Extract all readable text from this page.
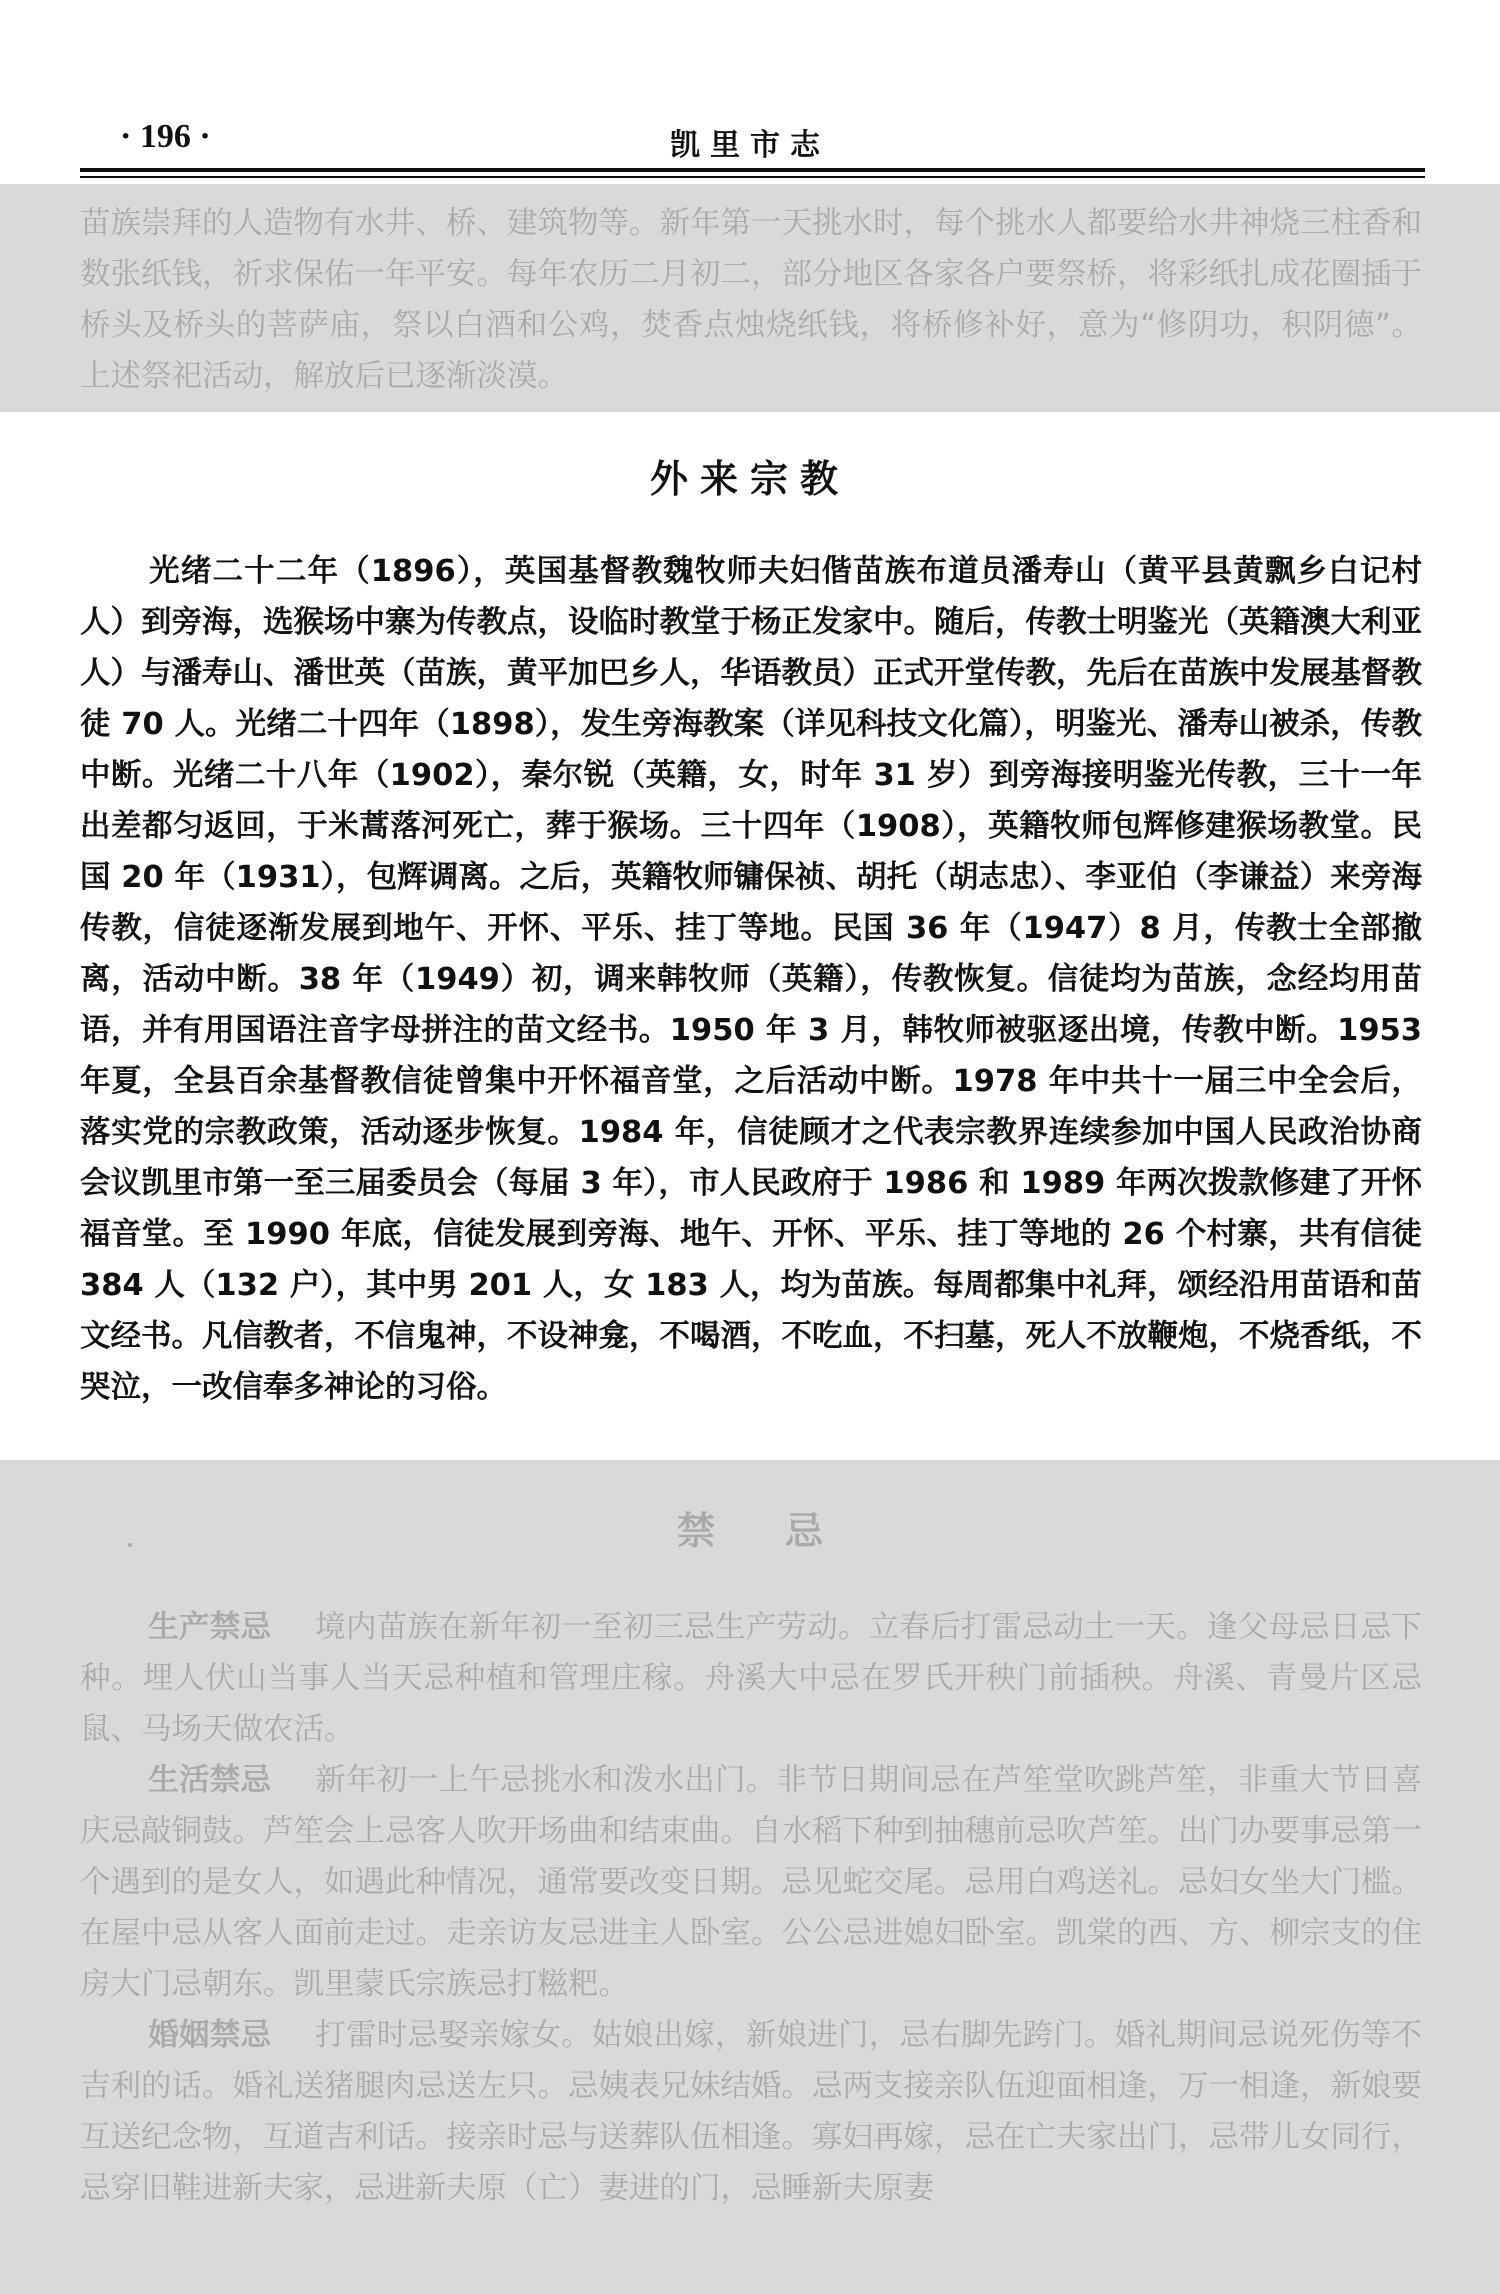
· 196 ·	凯里市志

苗族崇拜的人造物有水井、桥、建筑物等。新年第一天挑水时，每个挑水人都要给水井神烧三柱香和数张纸钱，祈求保佑一年平安。每年农历二月初二，部分地区各家各户要祭桥，将彩纸扎成花圈插于桥头及桥头的菩萨庙，祭以白酒和公鸡，焚香点烛烧纸钱，将桥修补好，意为“修阴功，积阴德”。上述祭祀活动，解放后已逐渐淡漠。

外来宗教

光绪二十二年（1896），英国基督教魏牧师夫妇偕苗族布道员潘寿山（黄平县黄飘乡白记村人）到旁海，选猴场中寨为传教点，设临时教堂于杨正发家中。随后，传教士明鉴光（英籍澳大利亚人）与潘寿山、潘世英（苗族，黄平加巴乡人，华语教员）正式开堂传教，先后在苗族中发展基督教徒 70 人。光绪二十四年（1898），发生旁海教案（详见科技文化篇），明鉴光、潘寿山被杀，传教中断。光绪二十八年（1902），秦尔锐（英籍，女，时年 31 岁）到旁海接明鉴光传教，三十一年出差都匀返回，于米蒿落河死亡，葬于猴场。三十四年（1908），英籍牧师包辉修建猴场教堂。民国 20 年（1931），包辉调离。之后，英籍牧师镛保祯、胡托（胡志忠）、李亚伯（李谦益）来旁海传教，信徒逐渐发展到地午、开怀、平乐、挂丁等地。民国 36 年（1947）8 月，传教士全部撤离，活动中断。38 年（1949）初，调来韩牧师（英籍），传教恢复。信徒均为苗族，念经均用苗语，并有用国语注音字母拼注的苗文经书。1950 年 3 月，韩牧师被驱逐出境，传教中断。1953 年夏，全县百余基督教信徒曾集中开怀福音堂，之后活动中断。1978 年中共十一届三中全会后，落实党的宗教政策，活动逐步恢复。1984 年，信徒顾才之代表宗教界连续参加中国人民政治协商会议凯里市第一至三届委员会（每届 3 年），市人民政府于 1986 和 1989 年两次拨款修建了开怀福音堂。至 1990 年底，信徒发展到旁海、地午、开怀、平乐、挂丁等地的 26 个村寨，共有信徒 384 人（132 户），其中男 201 人，女 183 人，均为苗族。每周都集中礼拜，颂经沿用苗语和苗文经书。凡信教者，不信鬼神，不设神龛，不喝酒，不吃血，不扫墓，死人不放鞭炮，不烧香纸，不哭泣，一改信奉多神论的习俗。

禁忌

生产禁忌 境内苗族在新年初一至初三忌生产劳动。立春后打雷忌动土一天。逢父母忌日忌下种。埋人伏山当事人当天忌种植和管理庄稼。舟溪大中忌在罗氏开秧门前插秧。舟溪、青曼片区忌鼠、马场天做农活。

生活禁忌 新年初一上午忌挑水和泼水出门。非节日期间忌在芦笙堂吹跳芦笙，非重大节日喜庆忌敲铜鼓。芦笙会上忌客人吹开场曲和结束曲。自水稻下种到抽穗前忌吹芦笙。出门办要事忌第一个遇到的是女人，如遇此种情况，通常要改变日期。忌见蛇交尾。忌用白鸡送礼。忌妇女坐大门槛。在屋中忌从客人面前走过。走亲访友忌进主人卧室。公公忌进媳妇卧室。凯棠的西、方、柳宗支的住房大门忌朝东。凯里蒙氏宗族忌打糍粑。

婚姻禁忌 打雷时忌娶亲嫁女。姑娘出嫁，新娘进门，忌右脚先跨门。婚礼期间忌说死伤等不吉利的话。婚礼送猪腿肉忌送左只。忌姨表兄妹结婚。忌两支接亲队伍迎面相逢，万一相逢，新娘要互送纪念物，互道吉利话。接亲时忌与送葬队伍相逢。寡妇再嫁，忌在亡夫家出门，忌带儿女同行，忌穿旧鞋进新夫家，忌进新夫原（亡）妻进的门，忌睡新夫原妻
